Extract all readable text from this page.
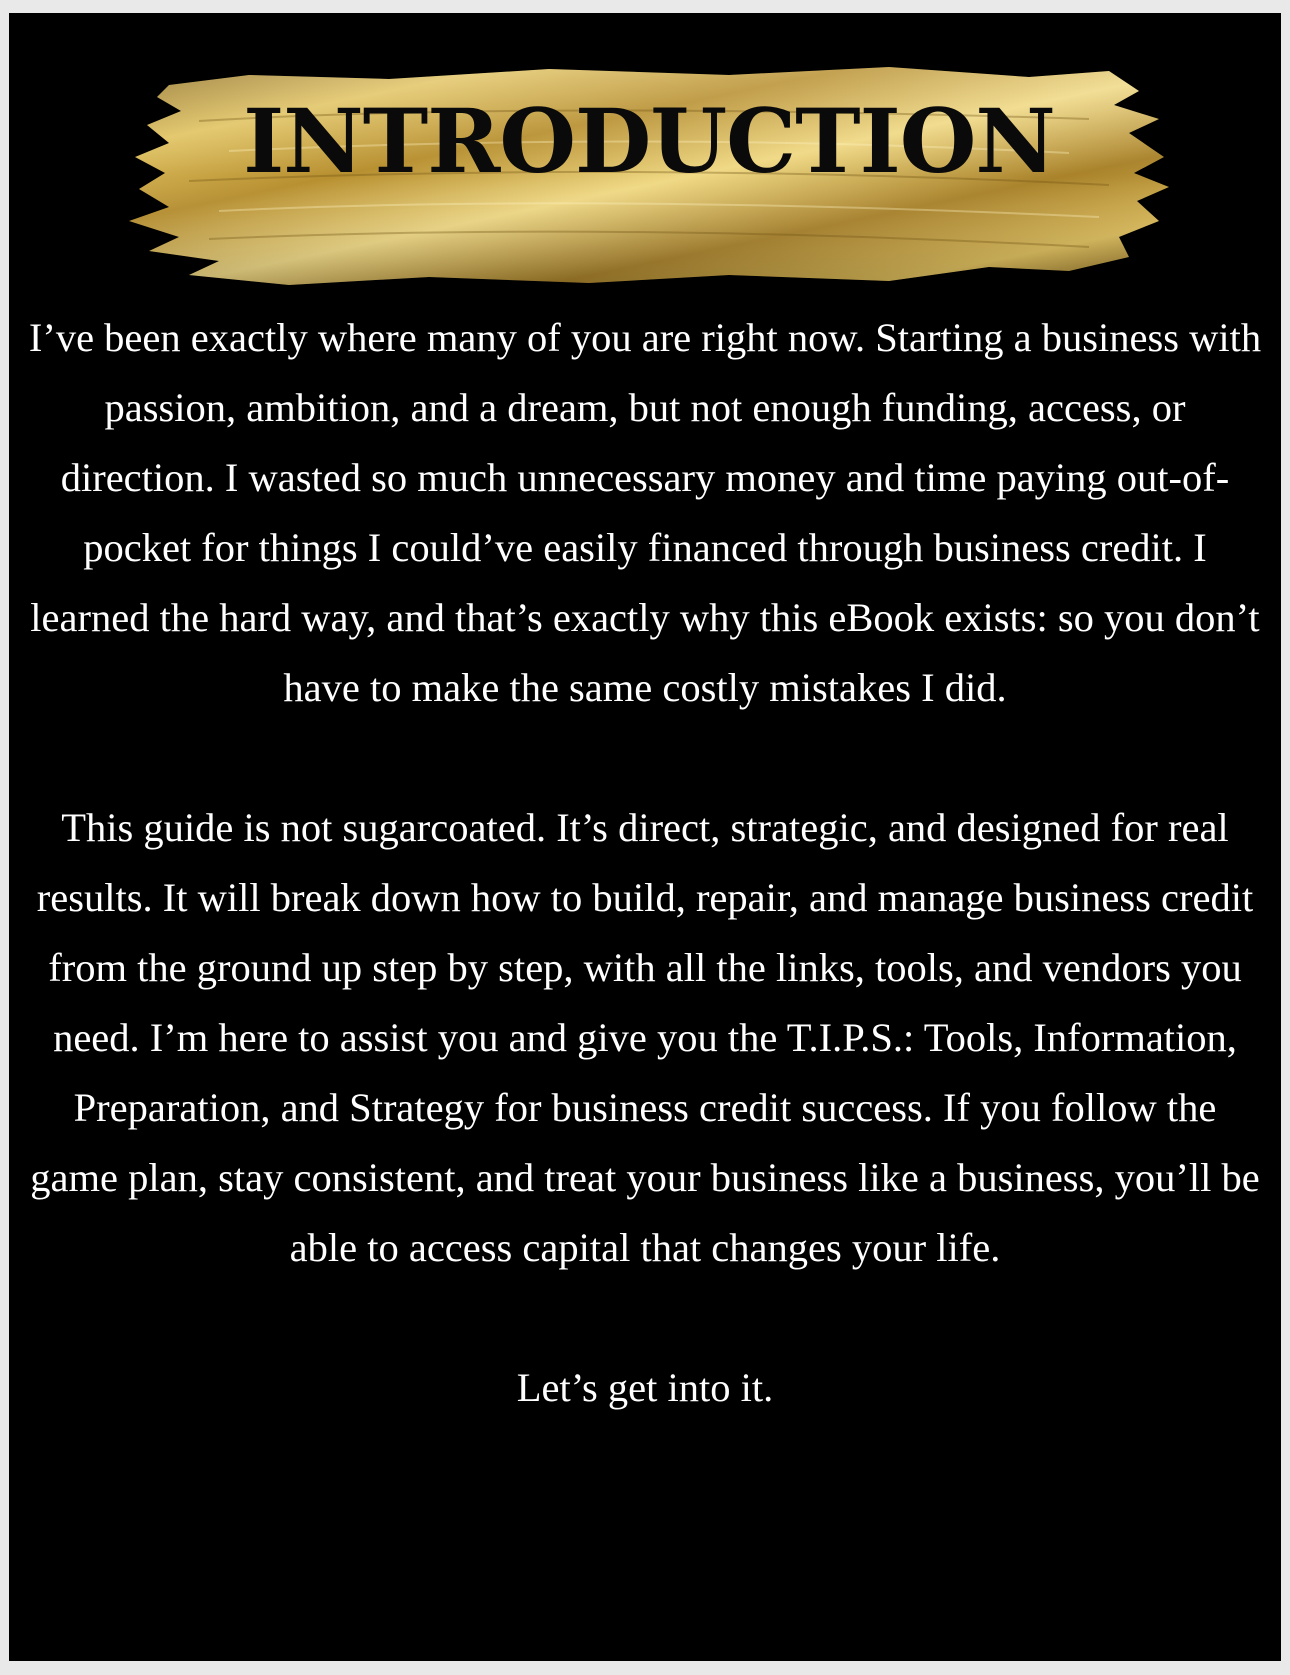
INTRODUCTION

I’ve been exactly where many of you are right now. Starting a business with passion, ambition, and a dream, but not enough funding, access, or direction. I wasted so much unnecessary money and time paying out-of-pocket for things I could’ve easily financed through business credit. I learned the hard way, and that’s exactly why this eBook exists: so you don’t have to make the same costly mistakes I did.

This guide is not sugarcoated. It’s direct, strategic, and designed for real results. It will break down how to build, repair, and manage business credit from the ground up step by step, with all the links, tools, and vendors you need. I’m here to assist you and give you the T.I.P.S.: Tools, Information, Preparation, and Strategy for business credit success. If you follow the game plan, stay consistent, and treat your business like a business, you’ll be able to access capital that changes your life.

Let’s get into it.
